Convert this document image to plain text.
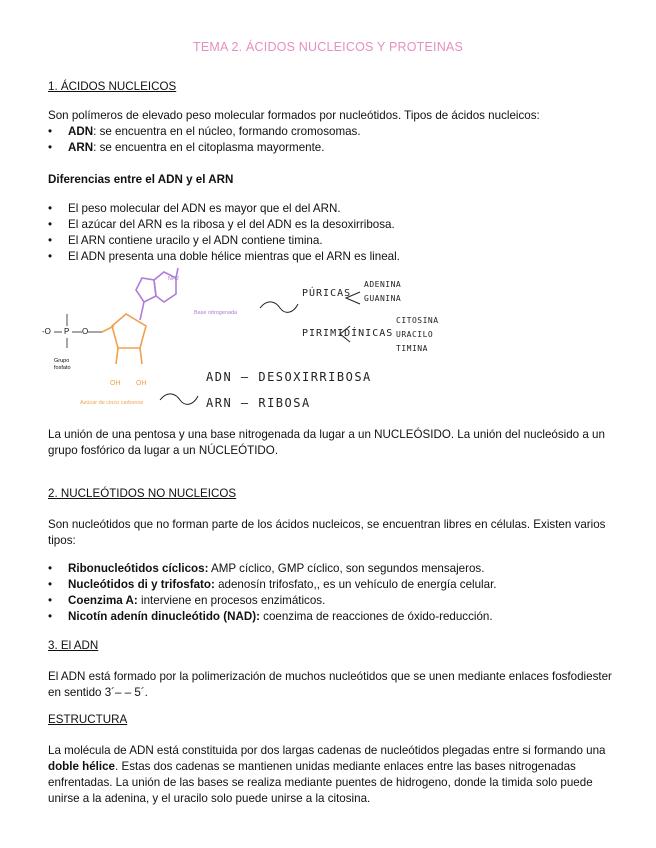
TEMA 2. ÁCIDOS NUCLEICOS Y PROTEINAS
1. ÁCIDOS NUCLEICOS
Son polímeros de elevado peso molecular formados por nucleótidos. Tipos de ácidos nucleicos:
• ADN: se encuentra en el núcleo, formando cromosomas.
• ARN: se encuentra en el citoplasma mayormente.
Diferencias entre el ADN y el ARN
• El peso molecular del ADN es mayor que el del ARN.
• El azúcar del ARN es la ribosa y el del ADN es la desoxirribosa.
• El ARN contiene uracilo y el ADN contiene timina.
• El ADN presenta una doble hélice mientras que el ARN es lineal.
NH2
Base nitrogenada
-O P O
Grupo fosfato
OH OH
Azúcar de cinco carbonos
PÚRICAS
ADENINA
GUANINA
PIRIMIDÍNICAS
CITOSINA
URACILO
TIMINA
ADN – DESOXIRRIBOSA
ARN – RIBOSA
La unión de una pentosa y una base nitrogenada da lugar a un NUCLEÓSIDO. La unión del nucleósido a un grupo fosfórico da lugar a un NÚCLEÓTIDO.
2. NUCLEÓTIDOS NO NUCLEICOS
Son nucleótidos que no forman parte de los ácidos nucleicos, se encuentran libres en células. Existen varios tipos:
• Ribonucleótidos cíclicos: AMP cíclico, GMP cíclico, son segundos mensajeros.
• Nucleótidos di y trifosfato: adenosín trifosfato,, es un vehículo de energía celular.
• Coenzima A: interviene en procesos enzimáticos.
• Nicotín adenín dinucleótido (NAD): coenzima de reacciones de óxido-reducción.
3. El ADN
El ADN está formado por la polimerización de muchos nucleótidos que se unen mediante enlaces fosfodiester en sentido 3´– – 5´.
ESTRUCTURA
La molécula de ADN está constituida por dos largas cadenas de nucleótidos plegadas entre si formando una doble hélice. Estas dos cadenas se mantienen unidas mediante enlaces entre las bases nitrogenadas enfrentadas. La unión de las bases se realiza mediante puentes de hidrogeno, donde la timida solo puede unirse a la adenina, y el uracilo solo puede unirse a la citosina.
